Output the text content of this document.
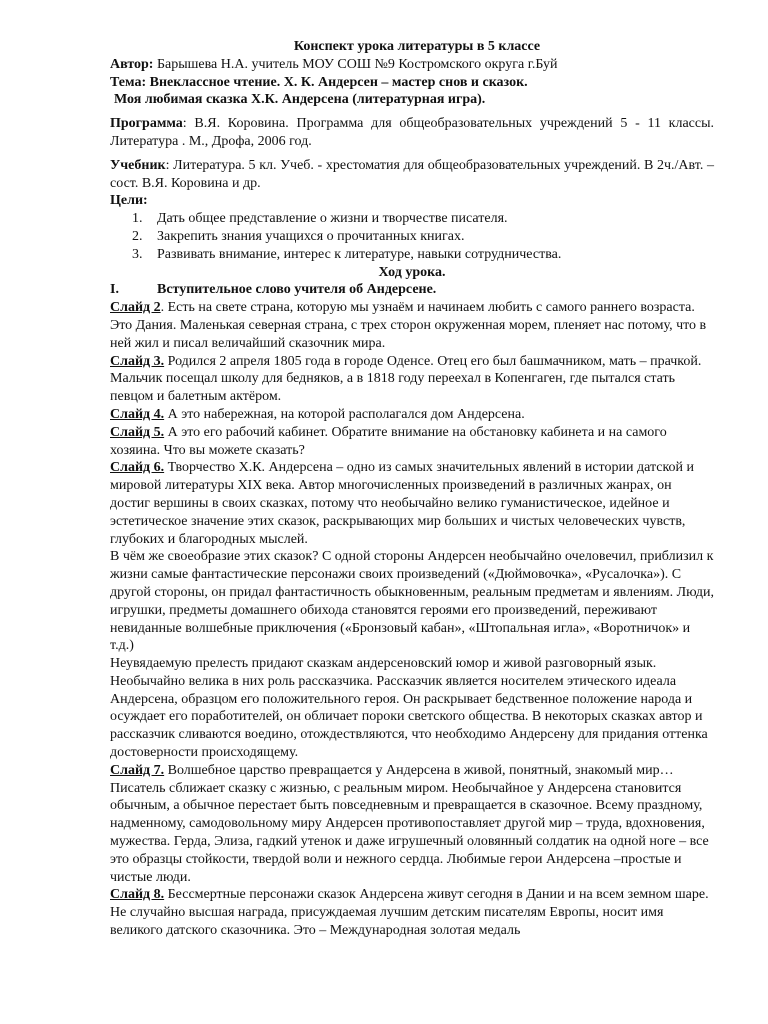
Конспект урока литературы в 5 классе

Автор: Барышева Н.А. учитель МОУ СОШ №9 Костромского округа г.Буй

Тема: Внеклассное чтение. Х. К. Андерсен – мастер снов и сказок.

Моя любимая сказка Х.К. Андерсена (литературная игра).

Программа: В.Я. Коровина. Программа для общеобразовательных учреждений 5 - 11 классы. Литература . М., Дрофа, 2006 год.

Учебник: Литература. 5 кл. Учеб. - хрестоматия для общеобразовательных учреждений. В 2ч./Авт. – сост. В.Я. Коровина и др.

Цели:

1. Дать общее представление о жизни и творчестве писателя.
2. Закрепить знания учащихся о прочитанных книгах.
3. Развивать внимание, интерес к литературе, навыки сотрудничества.

Ход урока.

I.	Вступительное слово учителя об Андерсене.

Слайд 2. Есть на свете страна, которую мы узнаём и начинаем любить с самого раннего возраста.

Это Дания. Маленькая северная страна, с трех сторон окруженная морем, пленяет нас потому, что в ней жил и писал величайший сказочник мира.

Слайд 3. Родился 2 апреля 1805 года в городе Оденсе. Отец его был башмачником, мать – прачкой.

Мальчик посещал школу для бедняков, а в 1818 году переехал в Копенгаген, где пытался стать певцом и балетным актёром.

Слайд 4. А это набережная, на которой располагался дом Андерсена.

Слайд 5. А это его рабочий кабинет. Обратите внимание на обстановку кабинета и на самого хозяина. Что вы можете сказать?

Слайд 6. Творчество Х.К. Андерсена – одно из самых значительных явлений в истории датской и мировой литературы XIX века. Автор многочисленных произведений в различных жанрах, он достиг вершины в своих сказках, потому что необычайно велико гуманистическое, идейное и эстетическое значение этих сказок, раскрывающих мир больших и чистых человеческих чувств, глубоких и благородных мыслей.

В чём же своеобразие этих сказок? С одной стороны Андерсен необычайно очеловечил, приблизил к жизни самые фантастические персонажи своих произведений («Дюймовочка», «Русалочка»). С другой стороны, он придал фантастичность обыкновенным, реальным предметам и явлениям. Люди, игрушки, предметы домашнего обихода становятся героями его произведений, переживают невиданные волшебные приключения («Бронзовый кабан», «Штопальная игла», «Воротничок» и т.д.)

Неувядаемую прелесть придают сказкам андерсеновский юмор и живой разговорный язык.

Необычайно велика в них роль рассказчика. Рассказчик является носителем этического идеала Андерсена, образцом его положительного героя. Он раскрывает бедственное положение народа и осуждает его поработителей, он обличает пороки светского общества. В некоторых сказках автор и рассказчик сливаются воедино, отождествляются, что необходимо Андерсену для придания оттенка достоверности происходящему.

Слайд 7. Волшебное царство превращается у Андерсена в живой, понятный, знакомый мир… Писатель сближает сказку с жизнью, с реальным миром. Необычайное у Андерсена становится обычным, а обычное перестает быть повседневным и превращается в сказочное. Всему праздному, надменному, самодовольному миру Андерсен противопоставляет другой мир – труда, вдохновения, мужества. Герда, Элиза, гадкий утенок и даже игрушечный оловянный солдатик на одной ноге – все это образцы стойкости, твердой воли и нежного сердца. Любимые герои Андерсена –простые и чистые люди.

Слайд 8. Бессмертные персонажи сказок Андерсена живут сегодня в Дании и на всем земном шаре. Не случайно высшая награда, присуждаемая лучшим детским писателям Европы, носит имя великого датского сказочника. Это – Международная золотая медаль
